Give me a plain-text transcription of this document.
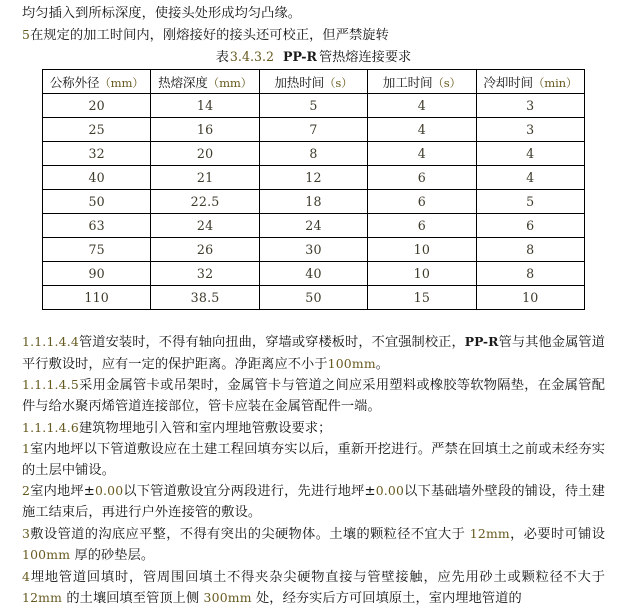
均匀插入到所标深度，使接头处形成均匀凸缘。

5在规定的加工时间内，刚熔接好的接头还可校正，但严禁旋转

表3.4.3.2 PP-R 管热熔连接要求
公称外径（mm）	热熔深度（mm）	加热时间（s）	加工时间（s）	冷却时间（min）
20	14	5	4	3
25	16	7	4	3
32	20	8	4	4
40	21	12	6	4
50	22.5	18	6	5
63	24	24	6	6
75	26	30	10	8
90	32	40	10	8
110	38.5	50	15	10

1.1.1.4.4管道安装时，不得有轴向扭曲，穿墙或穿楼板时，不宜强制校正，PP-R管与其他金属管道平行敷设时，应有一定的保护距离。净距离应不小于100mm。

1.1.1.4.5采用金属管卡或吊架时，金属管卡与管道之间应采用塑料或橡胶等软物隔垫，在金属管配件与给水聚丙烯管道连接部位，管卡应装在金属管配件一端。

1.1.1.4.6建筑物埋地引入管和室内埋地管敷设要求；

1室内地坪以下管道敷设应在土建工程回填夯实以后，重新开挖进行。严禁在回填土之前或未经夯实的土层中铺设。

2室内地坪±0.00以下管道敷设宜分两段进行，先进行地坪±0.00以下基础墙外壁段的铺设，待土建施工结束后，再进行户外连接管的敷设。

3敷设管道的沟底应平整，不得有突出的尖硬物体。土壤的颗粒径不宜大于 12mm，必要时可铺设 100mm 厚的砂垫层。

4埋地管道回填时，管周围回填土不得夹杂尖硬物直接与管壁接触，应先用砂土或颗粒径不大于 12mm 的土壤回填至管顶上侧 300mm 处，经夯实后方可回填原土，室内埋地管道的
